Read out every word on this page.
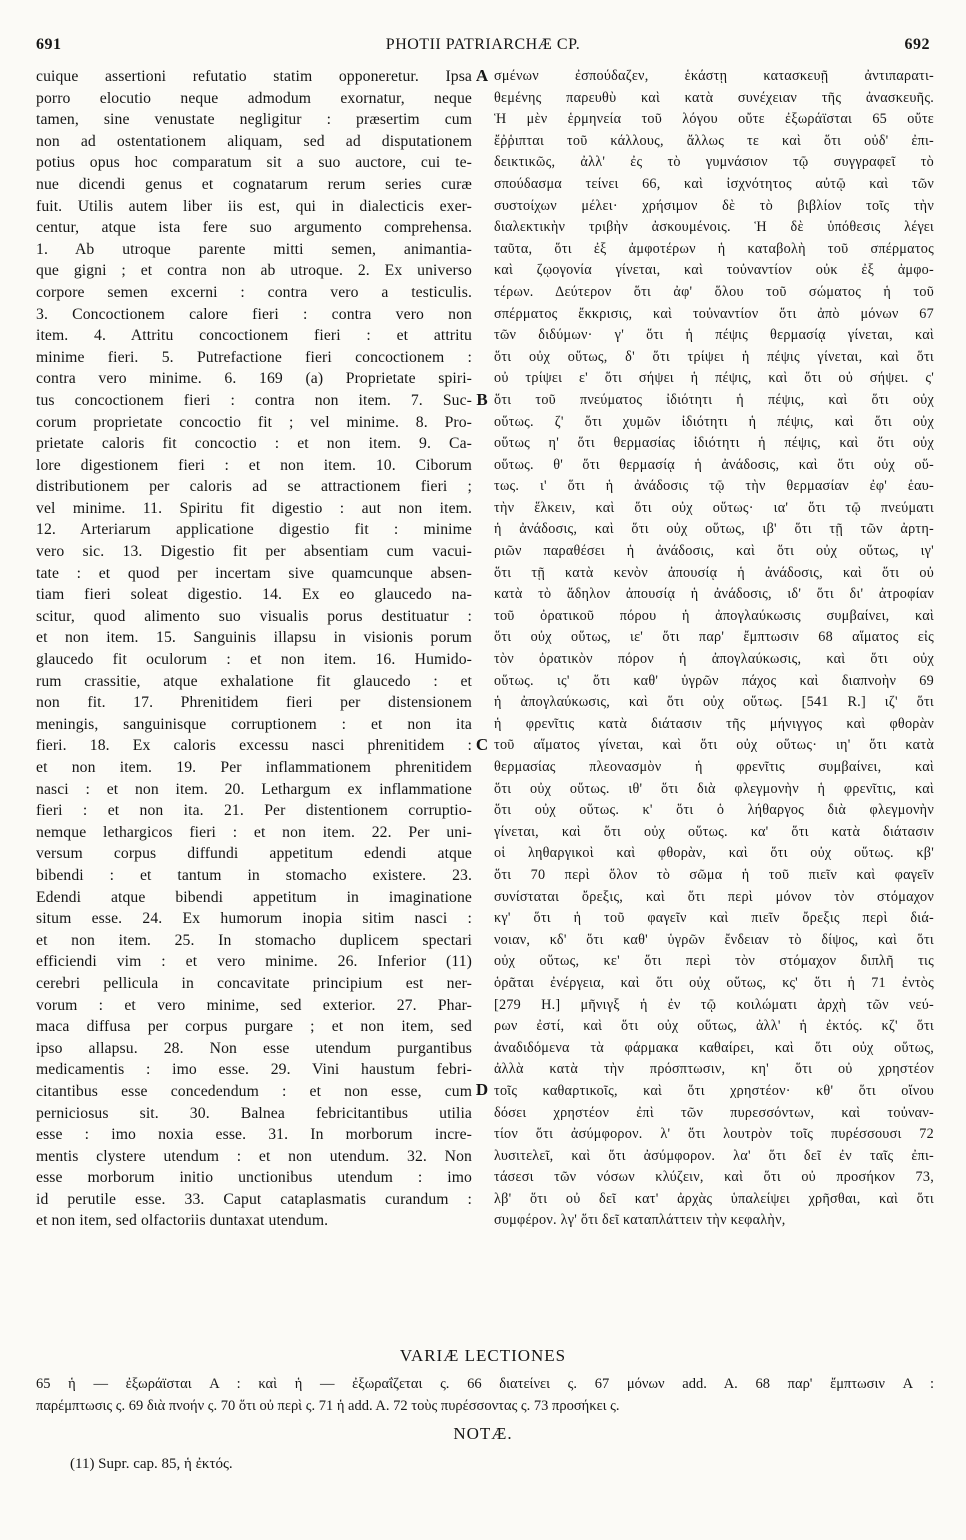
691	PHOTII PATRIARCHÆ CP.	692
cuique assertioni refutatio statim opponeretur. Ipsa
porro elocutio neque admodum exornatur, neque
tamen, sine venustate negligitur : præsertim cum
non ad ostentationem aliquam, sed ad disputationem
potius opus hoc comparatum sit a suo auctore, cui te-
nue dicendi genus et cognatarum rerum series curæ
fuit. Utilis autem liber iis est, qui in dialecticis exer-
centur, atque ista fere suo argumento comprehensa.
1. Ab utroque parente mitti semen, animantia-
que gigni ; et contra non ab utroque. 2. Ex universo
corpore semen excerni : contra vero a testiculis.
3. Concoctionem calore fieri : contra vero non
item. 4. Attritu concoctionem fieri : et attritu
minime fieri. 5. Putrefactione fieri concoctionem :
contra vero minime. 6. 169 (a) Proprietate spiri-
tus concoctionem fieri : contra non item. 7. Suc-
corum proprietate concoctio fit ; vel minime. 8. Pro-
prietate caloris fit concoctio : et non item. 9. Ca-
lore digestionem fieri : et non item. 10. Ciborum
distributionem per caloris ad se attractionem fieri ;
vel minime. 11. Spiritu fit digestio : aut non item.
12. Arteriarum applicatione digestio fit : minime
vero sic. 13. Digestio fit per absentiam cum vacui-
tate : et quod per incertam sive quamcunque absen-
tiam fieri soleat digestio. 14. Ex eo glaucedo na-
scitur, quod alimento suo visualis porus destituatur :
et non item. 15. Sanguinis illapsu in visionis porum
glaucedo fit oculorum : et non item. 16. Humido-
rum crassitie, atque exhalatione fit glaucedo : et
non fit. 17. Phrenitidem fieri per distensionem
meningis, sanguinisque corruptionem : et non ita
fieri. 18. Ex caloris excessu nasci phrenitidem :
et non item. 19. Per inflammationem phrenitidem
nasci : et non item. 20. Lethargum ex inflammatione
fieri : et non ita. 21. Per distentionem corruptio-
nemque lethargicos fieri : et non item. 22. Per uni-
versum corpus diffundi appetitum edendi atque
bibendi : et tantum in stomacho existere. 23.
Edendi atque bibendi appetitum in imaginatione
situm esse. 24. Ex humorum inopia sitim nasci :
et non item. 25. In stomacho duplicem spectari
efficiendi vim : et vero minime. 26. Inferior (11)
cerebri pellicula in concavitate principium est ner-
vorum : et vero minime, sed exterior. 27. Phar-
maca diffusa per corpus purgare ; et non item, sed
ipso allapsu. 28. Non esse utendum purgantibus
medicamentis : imo esse. 29. Vini haustum febri-
citantibus esse concedendum : et non esse, cum
perniciosus sit. 30. Balnea febricitantibus utilia
esse : imo noxia esse. 31. In morborum incre-
mentis clystere utendum : et non utendum. 32. Non
esse morborum initio unctionibus utendum : imo
id perutile esse. 33. Caput cataplasmatis curandum :
et non item, sed olfactoriis duntaxat utendum.
σμένων ἐσπούδαζεν, ἑκάστῃ κατασκευῇ ἀντιπαρατι-
θεμένης παρευθὺ καὶ κατὰ συνέχειαν τῆς ἀνασκευῆς.
Ἡ μὲν ἑρμηνεία τοῦ λόγου οὔτε ἐξωράϊσται 65 οὔτε
ἔῤῥιπται τοῦ κάλλους, ἄλλως τε καὶ ὅτι οὐδ' ἐπι-
δεικτικῶς, ἀλλ' ἐς τὸ γυμνάσιον τῷ συγγραφεῖ τὸ
σπούδασμα τείνει 66, καὶ ἰσχνότητος αὐτῷ καὶ τῶν
συστοίχων μέλει· χρήσιμον δὲ τὸ βιβλίον τοῖς τὴν
διαλεκτικὴν τριβὴν ἀσκουμένοις. Ἡ δὲ ὑπόθεσις λέγει
ταῦτα, ὅτι ἐξ ἀμφοτέρων ἡ καταβολὴ τοῦ σπέρματος
καὶ ζῳογονία γίνεται, καὶ τοὐναντίον οὐκ ἐξ ἀμφο-
τέρων. Δεύτερον ὅτι ἀφ' ὅλου τοῦ σώματος ἡ τοῦ
σπέρματος ἔκκρισις, καὶ τοὐναντίον ὅτι ἀπὸ μόνων 67
τῶν διδύμων· γ' ὅτι ἡ πέψις θερμασίᾳ γίνεται, καὶ
ὅτι οὐχ οὕτως, δ' ὅτι τρίψει ἡ πέψις γίνεται, καὶ ὅτι
οὐ τρίψει ε' ὅτι σήψει ἡ πέψις, καὶ ὅτι οὐ σήψει. ς'
ὅτι τοῦ πνεύματος ἰδιότητι ἡ πέψις, καὶ ὅτι οὐχ
οὕτως. ζ' ὅτι χυμῶν ἰδιότητι ἡ πέψις, καὶ ὅτι οὐχ
οὕτως η' ὅτι θερμασίας ἰδιότητι ἡ πέψις, καὶ ὅτι οὐχ
οὕτως. θ' ὅτι θερμασίᾳ ἡ ἀνάδοσις, καὶ ὅτι οὐχ οὕ-
τως. ι' ὅτι ἡ ἀνάδοσις τῷ τὴν θερμασίαν ἐφ' ἑαυ-
τὴν ἕλκειν, καὶ ὅτι οὐχ οὕτως· ια' ὅτι τῷ πνεύματι
ἡ ἀνάδοσις, καὶ ὅτι οὐχ οὕτως, ιβ' ὅτι τῇ τῶν ἀρτη-
ριῶν παραθέσει ἡ ἀνάδοσις, καὶ ὅτι οὐχ οὕτως, ιγ'
ὅτι τῇ κατὰ κενὸν ἀπουσίᾳ ἡ ἀνάδοσις, καὶ ὅτι οὐ
κατὰ τὸ ἄδηλον ἀπουσίᾳ ἡ ἀνάδοσις, ιδ' ὅτι δι' ἀτροφίαν
τοῦ ὀρατικοῦ πόρου ἡ ἀπογλαύκωσις συμβαίνει, καὶ
ὅτι οὐχ οὕτως, ιε' ὅτι παρ' ἔμπτωσιν 68 αἵματος εἰς
τὸν ὀρατικὸν πόρον ἡ ἀπογλαύκωσις, καὶ ὅτι οὐχ
οὕτως. ις' ὅτι καθ' ὑγρῶν πάχος καὶ διαπνοὴν 69
ἡ ἀπογλαύκωσις, καὶ ὅτι οὐχ οὕτως. [541 R.] ιζ' ὅτι
ἡ φρενῖτις κατὰ διάτασιν τῆς μήνιγγος καὶ φθορὰν
τοῦ αἵματος γίνεται, καὶ ὅτι οὐχ οὕτως· ιη' ὅτι κατὰ
θερμασίας πλεονασμὸν ἡ φρενῖτις συμβαίνει, καὶ
ὅτι οὐχ οὕτως. ιθ' ὅτι διὰ φλεγμονὴν ἡ φρενῖτις, καὶ
ὅτι οὐχ οὕτως. κ' ὅτι ὁ λήθαργος διὰ φλεγμονὴν
γίνεται, καὶ ὅτι οὐχ οὕτως. κα' ὅτι κατὰ διάτασιν
οἱ ληθαργικοὶ καὶ φθορὰν, καὶ ὅτι οὐχ οὕτως. κβ'
ὅτι 70 περὶ ὅλον τὸ σῶμα ἡ τοῦ πιεῖν καὶ φαγεῖν
συνίσταται ὄρεξις, καὶ ὅτι περὶ μόνον τὸν στόμαχον
κγ' ὅτι ἡ τοῦ φαγεῖν καὶ πιεῖν ὄρεξις περὶ διά-
νοιαν, κδ' ὅτι καθ' ὑγρῶν ἔνδειαν τὸ δίψος, καὶ ὅτι
οὐχ οὕτως, κε' ὅτι περὶ τὸν στόμαχον διπλῆ τις
ὁρᾶται ἐνέργεια, καὶ ὅτι οὐχ οὕτως, κς' ὅτι ἡ 71 ἐντὸς
[279 H.] μῆνιγξ ἡ ἐν τῷ κοιλώματι ἀρχὴ τῶν νεύ-
ρων ἐστί, καὶ ὅτι οὐχ οὕτως, ἀλλ' ἡ ἐκτός. κζ' ὅτι
ἀναδιδόμενα τὰ φάρμακα καθαίρει, καὶ ὅτι οὐχ οὕτως,
ἀλλὰ κατὰ τὴν πρόσπτωσιν, κη' ὅτι οὐ χρηστέον
τοῖς καθαρτικοῖς, καὶ ὅτι χρηστέον· κθ' ὅτι οἴνου
δόσει χρηστέον ἐπὶ τῶν πυρεσσόντων, καὶ τοὐναν-
τίον ὅτι ἀσύμφορον. λ' ὅτι λουτρὸν τοῖς πυρέσσουσι 72
λυσιτελεῖ, καὶ ὅτι ἀσύμφορον. λα' ὅτι δεῖ ἐν ταῖς ἐπι-
τάσεσι τῶν νόσων κλύζειν, καὶ ὅτι οὐ προσήκον 73,
λβ' ὅτι οὐ δεῖ κατ' ἀρχὰς ὑπαλείψει χρῆσθαι, καὶ ὅτι
συμφέρον. λγ' ὅτι δεῖ καταπλάττειν τὴν κεφαλὴν,
A
B
C
D
VARIÆ LECTIONES
65 ἡ — ἐξωράϊσται A : καὶ ἡ — ἐξωραΐζεται ς. 66 διατείνει ς. 67 μόνων add. A. 68 παρ' ἔμπτωσιν A :
παρέμπτωσις ς. 69 διὰ πνοήν ς. 70 ὅτι οὐ περὶ ς. 71 ἡ add. A. 72 τοὺς πυρέσσοντας ς. 73 προσήκει ς.
NOTÆ.
(11) Supr. cap. 85, ἡ ἐκτός.
